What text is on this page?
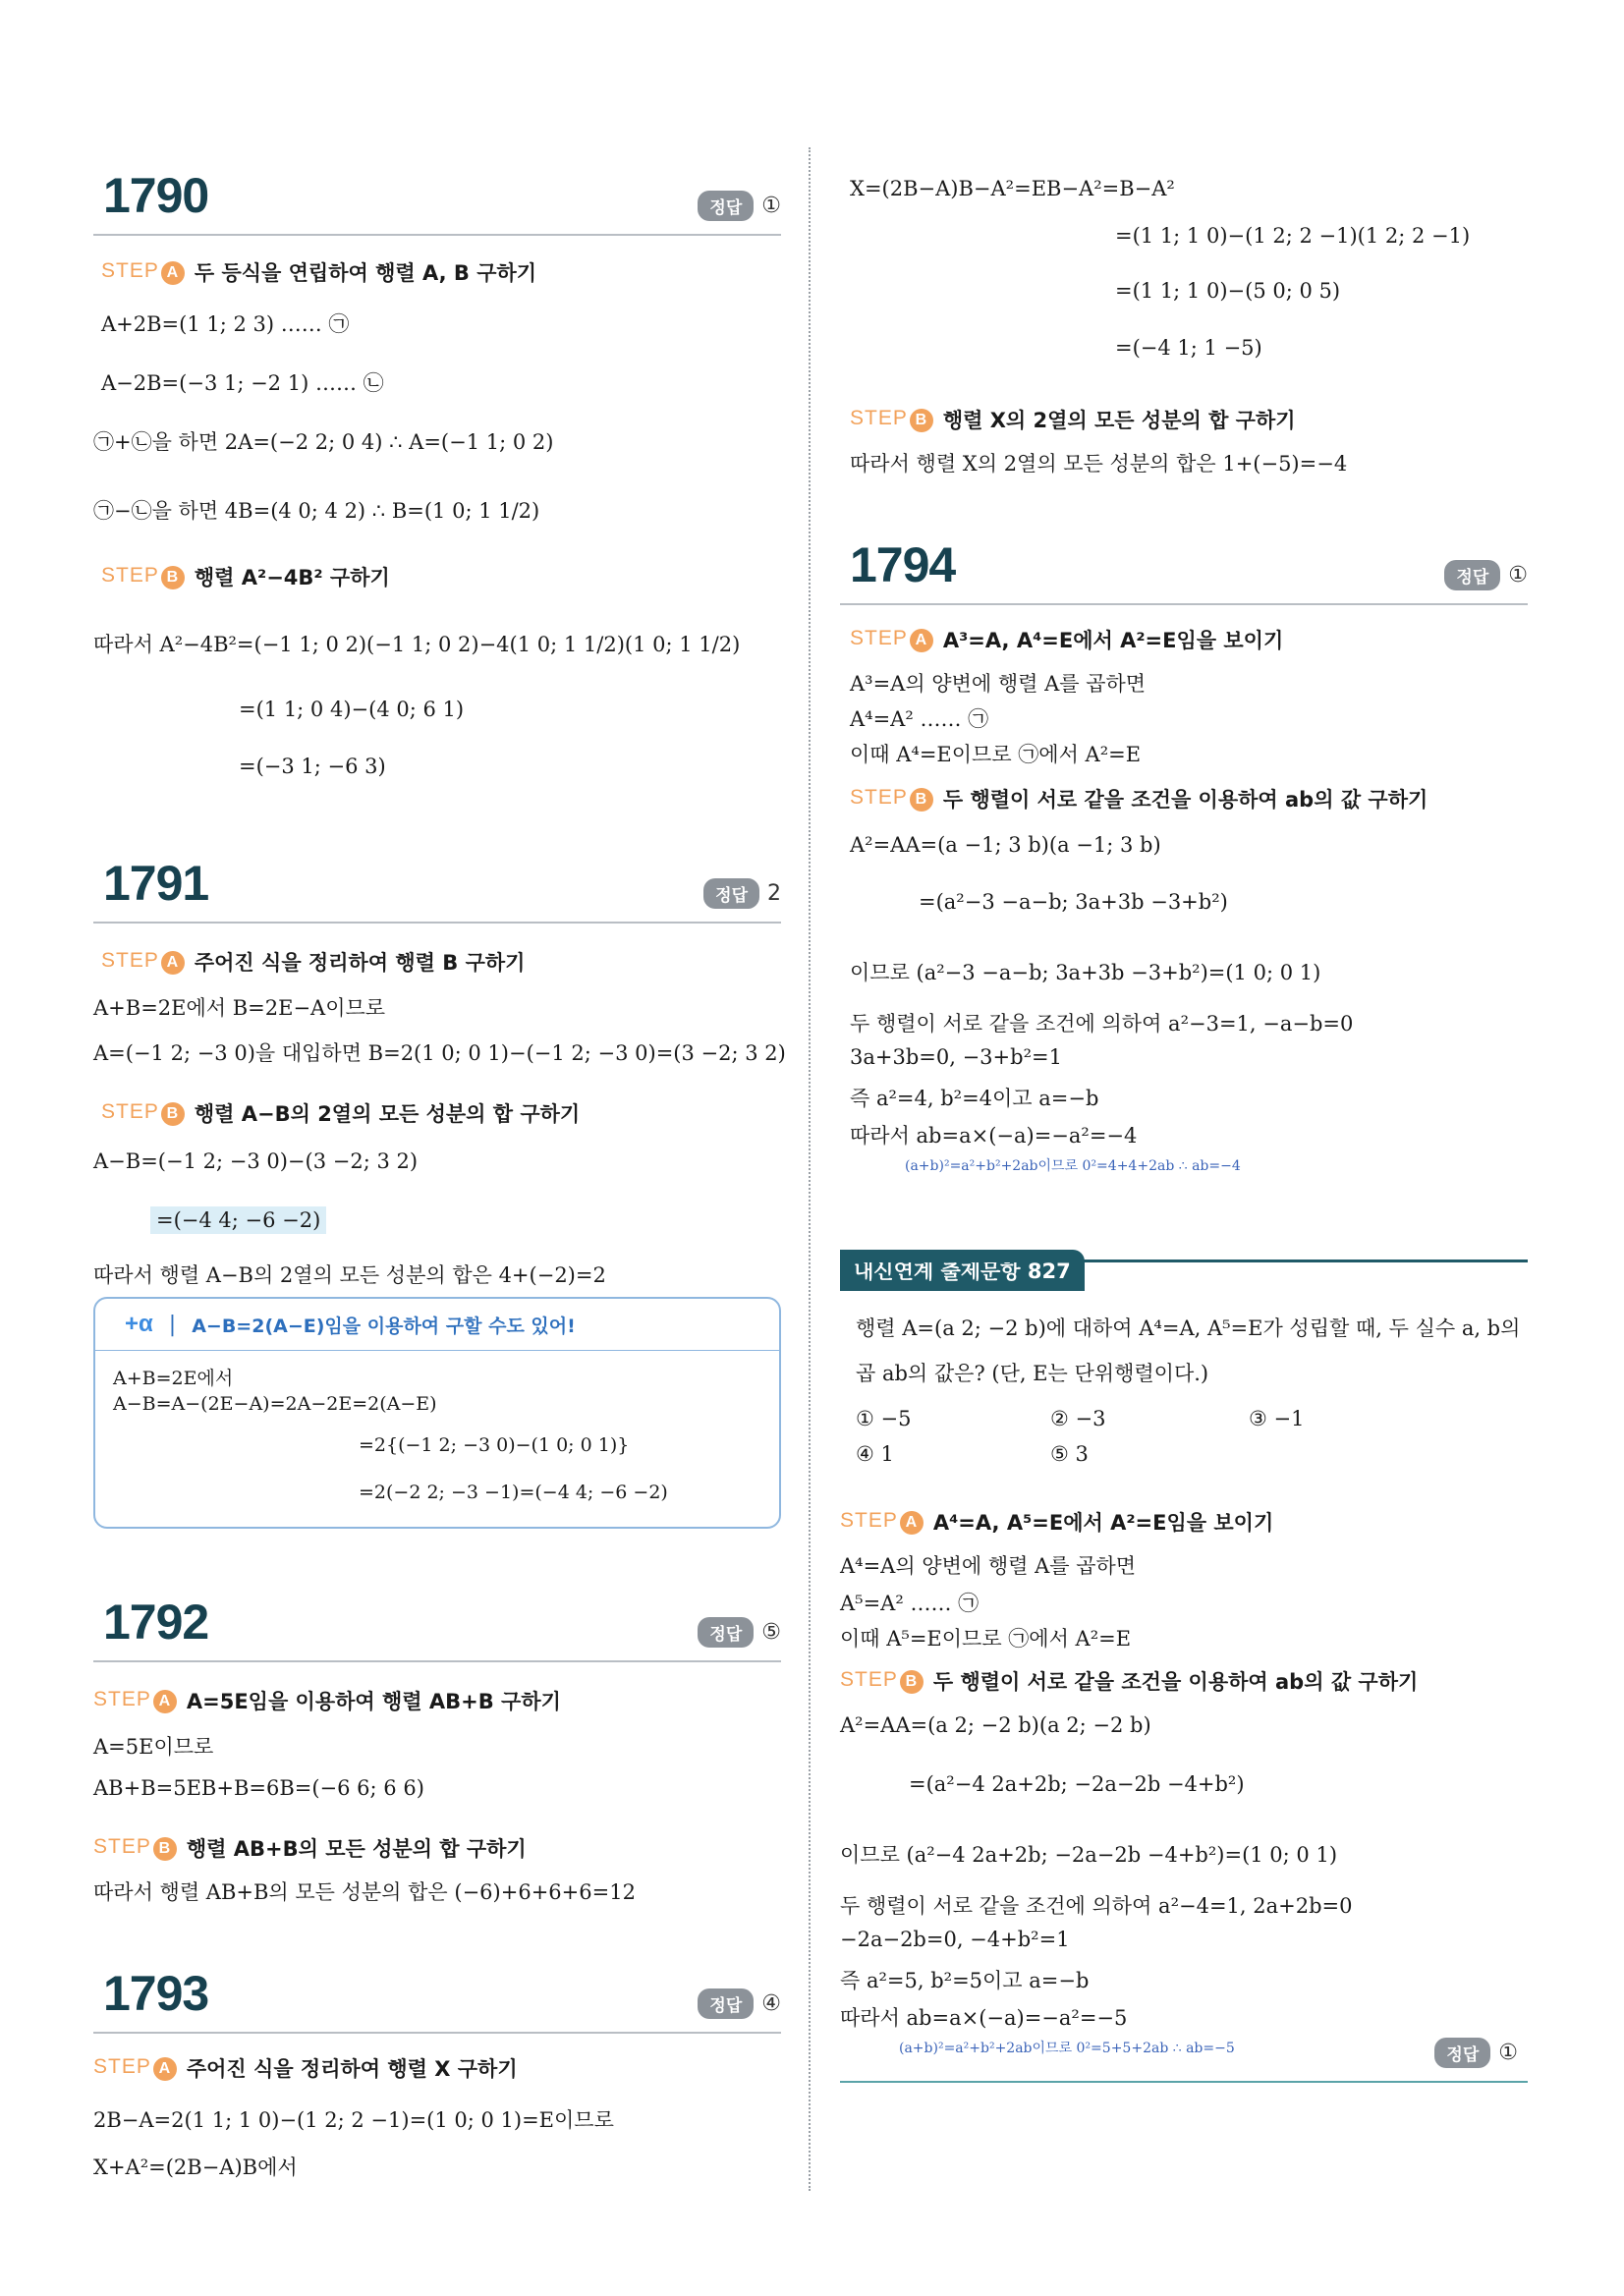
1790	정답 ①
STEP A 두 등식을 연립하여 행렬 A, B 구하기
A+2B=(1 1; 2 3) …… ㉠
A−2B=(−3 1; −2 1) …… ㉡
㉠+㉡을 하면 2A=(−2 2; 0 4) ∴ A=(−1 1; 0 2)
㉠−㉡을 하면 4B=(4 0; 4 2) ∴ B=(1 0; 1 1/2)
STEP B 행렬 A²−4B² 구하기
따라서 A²−4B²=(−1 1; 0 2)(−1 1; 0 2)−4(1 0; 1 1/2)(1 0; 1 1/2)
=(1 1; 0 4)−(4 0; 6 1)
=(−3 1; −6 3)
1791	정답 2
STEP A 주어진 식을 정리하여 행렬 B 구하기
A+B=2E에서 B=2E−A이므로
A=(−1 2; −3 0)을 대입하면 B=2(1 0; 0 1)−(−1 2; −3 0)=(3 −2; 3 2)
STEP B 행렬 A−B의 2열의 모든 성분의 합 구하기
A−B=(−1 2; −3 0)−(3 −2; 3 2)
=(−4 4; −6 −2)
따라서 행렬 A−B의 2열의 모든 성분의 합은 4+(−2)=2
+α | A−B=2(A−E)임을 이용하여 구할 수도 있어!
A+B=2E에서
A−B=A−(2E−A)=2A−2E=2(A−E)
=2{(−1 2; −3 0)−(1 0; 0 1)}
=2(−2 2; −3 −1)=(−4 4; −6 −2)
1792	정답 ⑤
STEP A A=5E임을 이용하여 행렬 AB+B 구하기
A=5E이므로
AB+B=5EB+B=6B=(−6 6; 6 6)
STEP B 행렬 AB+B의 모든 성분의 합 구하기
따라서 행렬 AB+B의 모든 성분의 합은 (−6)+6+6+6=12
1793	정답 ④
STEP A 주어진 식을 정리하여 행렬 X 구하기
2B−A=2(1 1; 1 0)−(1 2; 2 −1)=(1 0; 0 1)=E이므로
X+A²=(2B−A)B에서
X=(2B−A)B−A²=EB−A²=B−A²
=(1 1; 1 0)−(1 2; 2 −1)(1 2; 2 −1)
=(1 1; 1 0)−(5 0; 0 5)
=(−4 1; 1 −5)
STEP B 행렬 X의 2열의 모든 성분의 합 구하기
따라서 행렬 X의 2열의 모든 성분의 합은 1+(−5)=−4
1794	정답 ①
STEP A A³=A, A⁴=E에서 A²=E임을 보이기
A³=A의 양변에 행렬 A를 곱하면
A⁴=A² …… ㉠
이때 A⁴=E이므로 ㉠에서 A²=E
STEP B 두 행렬이 서로 같을 조건을 이용하여 ab의 값 구하기
A²=AA=(a −1; 3 b)(a −1; 3 b)
=(a²−3 −a−b; 3a+3b −3+b²)
이므로 (a²−3 −a−b; 3a+3b −3+b²)=(1 0; 0 1)
두 행렬이 서로 같을 조건에 의하여 a²−3=1, −a−b=0
3a+3b=0, −3+b²=1
즉 a²=4, b²=4이고 a=−b
따라서 ab=a×(−a)=−a²=−4
(a+b)²=a²+b²+2ab이므로 0²=4+4+2ab ∴ ab=−4
내신연계 출제문항 827
행렬 A=(a 2; −2 b)에 대하여 A⁴=A, A⁵=E가 성립할 때, 두 실수 a, b의
곱 ab의 값은? (단, E는 단위행렬이다.)
① −5	② −3	③ −1
④ 1	⑤ 3
STEP A A⁴=A, A⁵=E에서 A²=E임을 보이기
A⁴=A의 양변에 행렬 A를 곱하면
A⁵=A² …… ㉠
이때 A⁵=E이므로 ㉠에서 A²=E
STEP B 두 행렬이 서로 같을 조건을 이용하여 ab의 값 구하기
A²=AA=(a 2; −2 b)(a 2; −2 b)
=(a²−4 2a+2b; −2a−2b −4+b²)
이므로 (a²−4 2a+2b; −2a−2b −4+b²)=(1 0; 0 1)
두 행렬이 서로 같을 조건에 의하여 a²−4=1, 2a+2b=0
−2a−2b=0, −4+b²=1
즉 a²=5, b²=5이고 a=−b
따라서 ab=a×(−a)=−a²=−5
(a+b)²=a²+b²+2ab이므로 0²=5+5+2ab ∴ ab=−5	정답 ①
